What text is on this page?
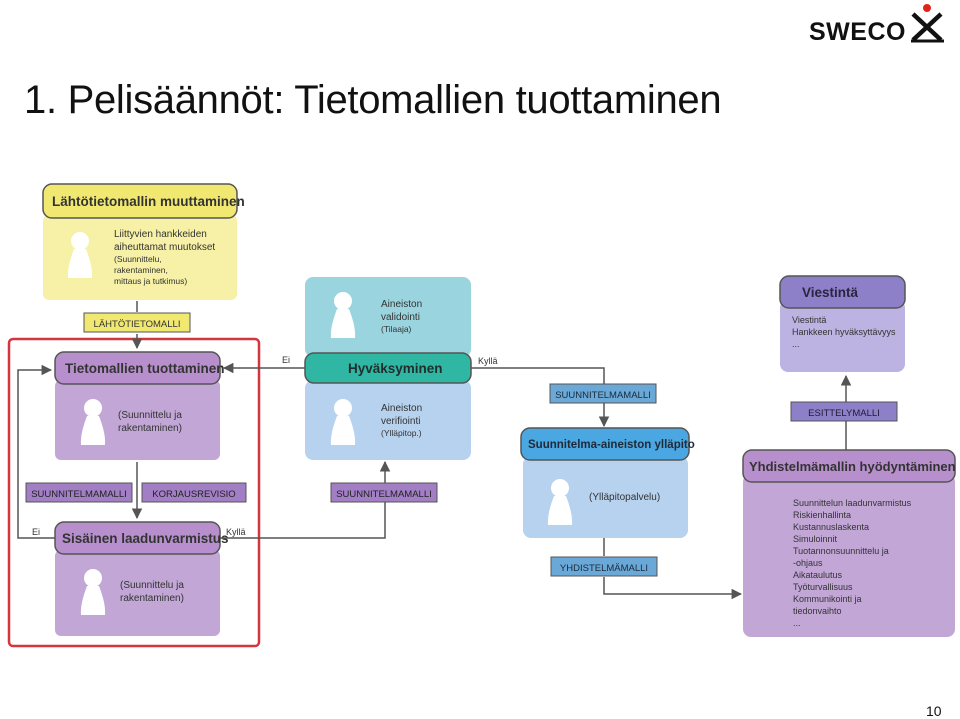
1. Pelisäännöt: Tietomallien tuottaminen
SWECO
Lähtötietomallin muuttaminen
Liittyvien hankkeiden aiheuttamat muutokset
(Suunnittelu, rakentaminen, mittaus ja tutkimus)
LÄHTÖTIETOMALLI
Tietomallien tuottaminen
(Suunnittelu ja rakentaminen)
SUUNNITELMAMALLI	KORJAUSREVISIO
Sisäinen laadunvarmistus
(Suunnittelu ja rakentaminen)
Ei	Kyllä
SUUNNITELMAMALLI
Aineiston validointi
(Tilaaja)
Hyväksyminen
Aineiston verifiointi
(Ylläpitop.)
Ei	Kyllä
SUUNNITELMAMALLI
Suunnitelma-aineiston ylläpito
(Ylläpitopalvelu)
YHDISTELMÄMALLI
Viestintä
Viestintä Hankkeen hyväksyttävyys ...
ESITTELYMALLI
Yhdistelmämallin hyödyntäminen
Suunnittelun laadunvarmistus Riskienhallinta Kustannuslaskenta Simuloinnit Tuotannonsuunnittelu ja -ohjaus Aikataulutus Työturvallisuus Kommunikointi ja tiedonvaihto ...
10
